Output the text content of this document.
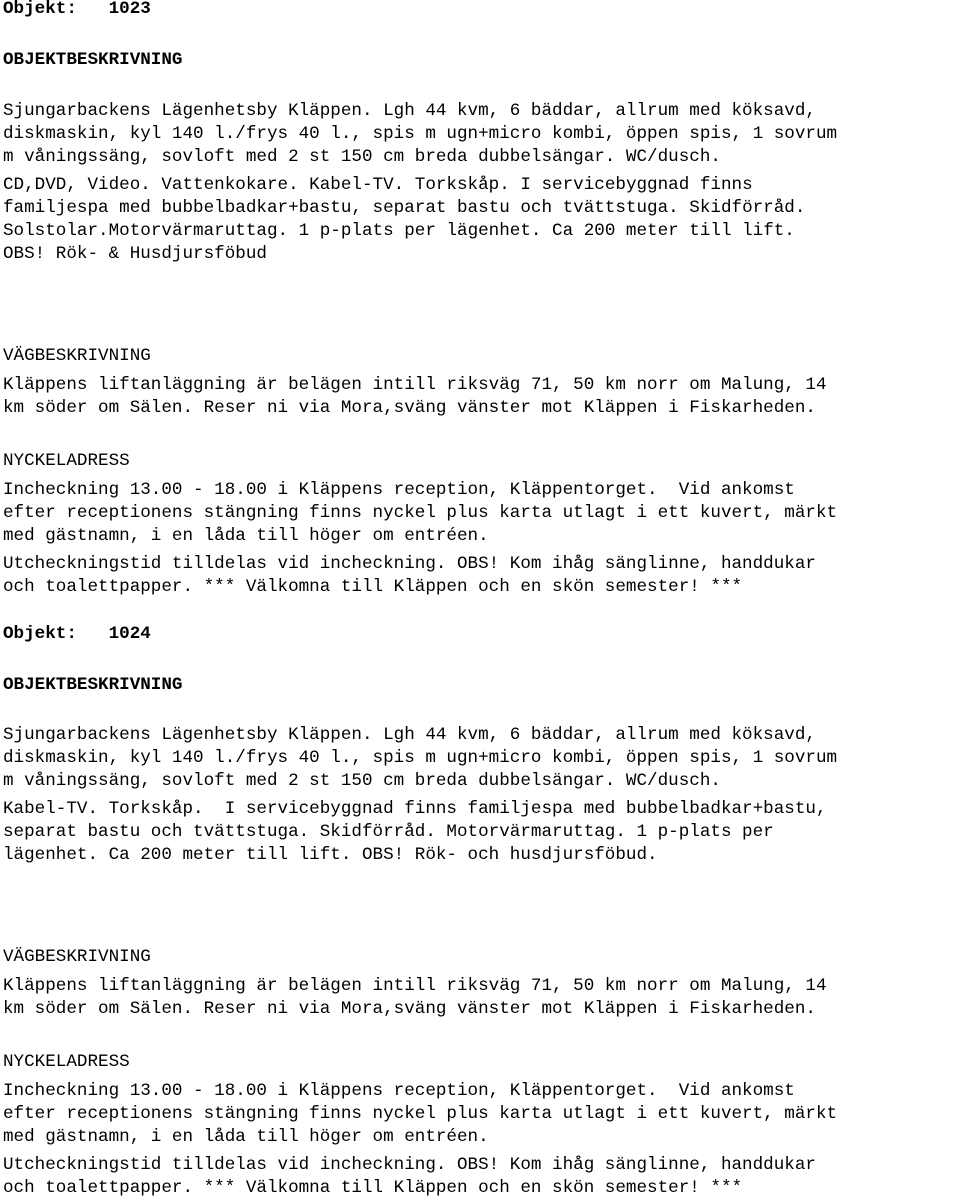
Objekt:   1023
OBJEKTBESKRIVNING
Sjungarbackens Lägenhetsby Kläppen. Lgh 44 kvm, 6 bäddar, allrum med köksavd,
diskmaskin, kyl 140 l./frys 40 l., spis m ugn+micro kombi, öppen spis, 1 sovrum
m våningssäng, sovloft med 2 st 150 cm breda dubbelsängar. WC/dusch.
CD,DVD, Video. Vattenkokare. Kabel-TV. Torkskåp. I servicebyggnad finns
familjespa med bubbelbadkar+bastu, separat bastu och tvättstuga. Skidförråd.
Solstolar.Motorvärmaruttag. 1 p-plats per lägenhet. Ca 200 meter till lift.
OBS! Rök- & Husdjursföbud
VÄGBESKRIVNING
Kläppens liftanläggning är belägen intill riksväg 71, 50 km norr om Malung, 14
km söder om Sälen. Reser ni via Mora,sväng vänster mot Kläppen i Fiskarheden.
NYCKELADRESS
Incheckning 13.00 - 18.00 i Kläppens reception, Kläppentorget.  Vid ankomst
efter receptionens stängning finns nyckel plus karta utlagt i ett kuvert, märkt
med gästnamn, i en låda till höger om entréen.
Utcheckningstid tilldelas vid incheckning. OBS! Kom ihåg sänglinne, handdukar
och toalettpapper. *** Välkomna till Kläppen och en skön semester! ***
Objekt:   1024
OBJEKTBESKRIVNING
Sjungarbackens Lägenhetsby Kläppen. Lgh 44 kvm, 6 bäddar, allrum med köksavd,
diskmaskin, kyl 140 l./frys 40 l., spis m ugn+micro kombi, öppen spis, 1 sovrum
m våningssäng, sovloft med 2 st 150 cm breda dubbelsängar. WC/dusch.
Kabel-TV. Torkskåp.  I servicebyggnad finns familjespa med bubbelbadkar+bastu,
separat bastu och tvättstuga. Skidförråd. Motorvärmaruttag. 1 p-plats per
lägenhet. Ca 200 meter till lift. OBS! Rök- och husdjursföbud.
VÄGBESKRIVNING
Kläppens liftanläggning är belägen intill riksväg 71, 50 km norr om Malung, 14
km söder om Sälen. Reser ni via Mora,sväng vänster mot Kläppen i Fiskarheden.
NYCKELADRESS
Incheckning 13.00 - 18.00 i Kläppens reception, Kläppentorget.  Vid ankomst
efter receptionens stängning finns nyckel plus karta utlagt i ett kuvert, märkt
med gästnamn, i en låda till höger om entréen.
Utcheckningstid tilldelas vid incheckning. OBS! Kom ihåg sänglinne, handdukar
och toalettpapper. *** Välkomna till Kläppen och en skön semester! ***
